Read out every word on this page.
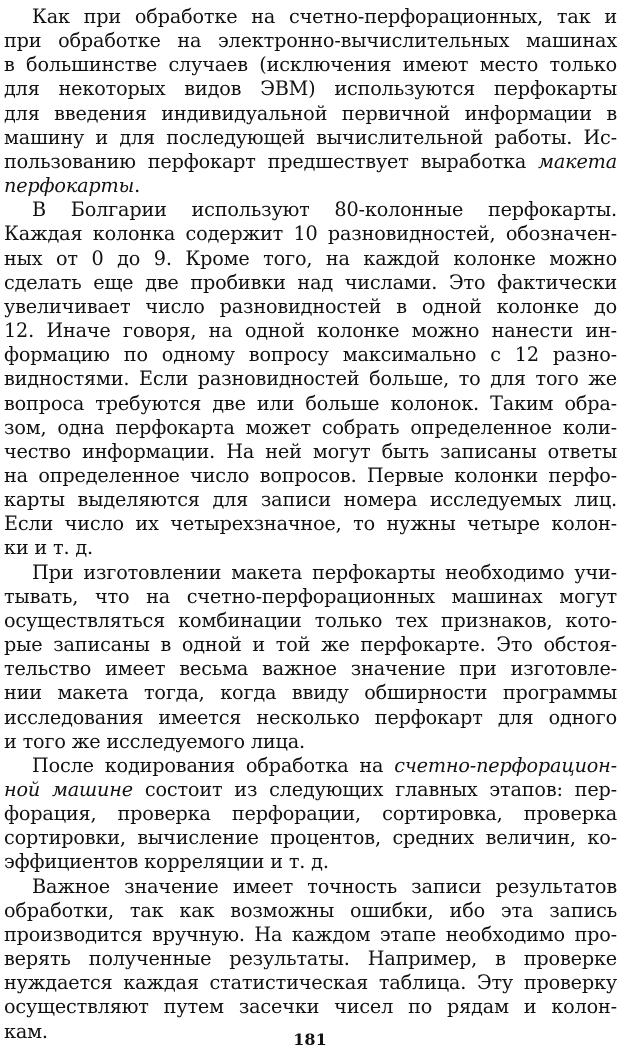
Как при обработке на счетно-перфорационных, так и
при обработке на электронно-вычислительных машинах
в большинстве случаев (исключения имеют место только
для некоторых видов ЭВМ) используются перфокарты
для введения индивидуальной первичной информации в
машину и для последующей вычислительной работы. Ис-
пользованию перфокарт предшествует выработка макета
перфокарты.
В Болгарии используют 80-колонные перфокарты.
Каждая колонка содержит 10 разновидностей, обозначен-
ных от 0 до 9. Кроме того, на каждой колонке можно
сделать еще две пробивки над числами. Это фактически
увеличивает число разновидностей в одной колонке до
12. Иначе говоря, на одной колонке можно нанести ин-
формацию по одному вопросу максимально с 12 разно-
видностями. Если разновидностей больше, то для того же
вопроса требуются две или больше колонок. Таким обра-
зом, одна перфокарта может собрать определенное коли-
чество информации. На ней могут быть записаны ответы
на определенное число вопросов. Первые колонки перфо-
карты выделяются для записи номера исследуемых лиц.
Если число их четырехзначное, то нужны четыре колон-
ки и т. д.
При изготовлении макета перфокарты необходимо учи-
тывать, что на счетно-перфорационных машинах могут
осуществляться комбинации только тех признаков, кото-
рые записаны в одной и той же перфокарте. Это обстоя-
тельство имеет весьма важное значение при изготовле-
нии макета тогда, когда ввиду обширности программы
исследования имеется несколько перфокарт для одного
и того же исследуемого лица.
После кодирования обработка на счетно-перфорацион-
ной машине состоит из следующих главных этапов: пер-
форация, проверка перфорации, сортировка, проверка
сортировки, вычисление процентов, средних величин, ко-
эффициентов корреляции и т. д.
Важное значение имеет точность записи результатов
обработки, так как возможны ошибки, ибо эта запись
производится вручную. На каждом этапе необходимо про-
верять полученные результаты. Например, в проверке
нуждается каждая статистическая таблица. Эту проверку
осуществляют путем засечки чисел по рядам и колон-
кам.	181
